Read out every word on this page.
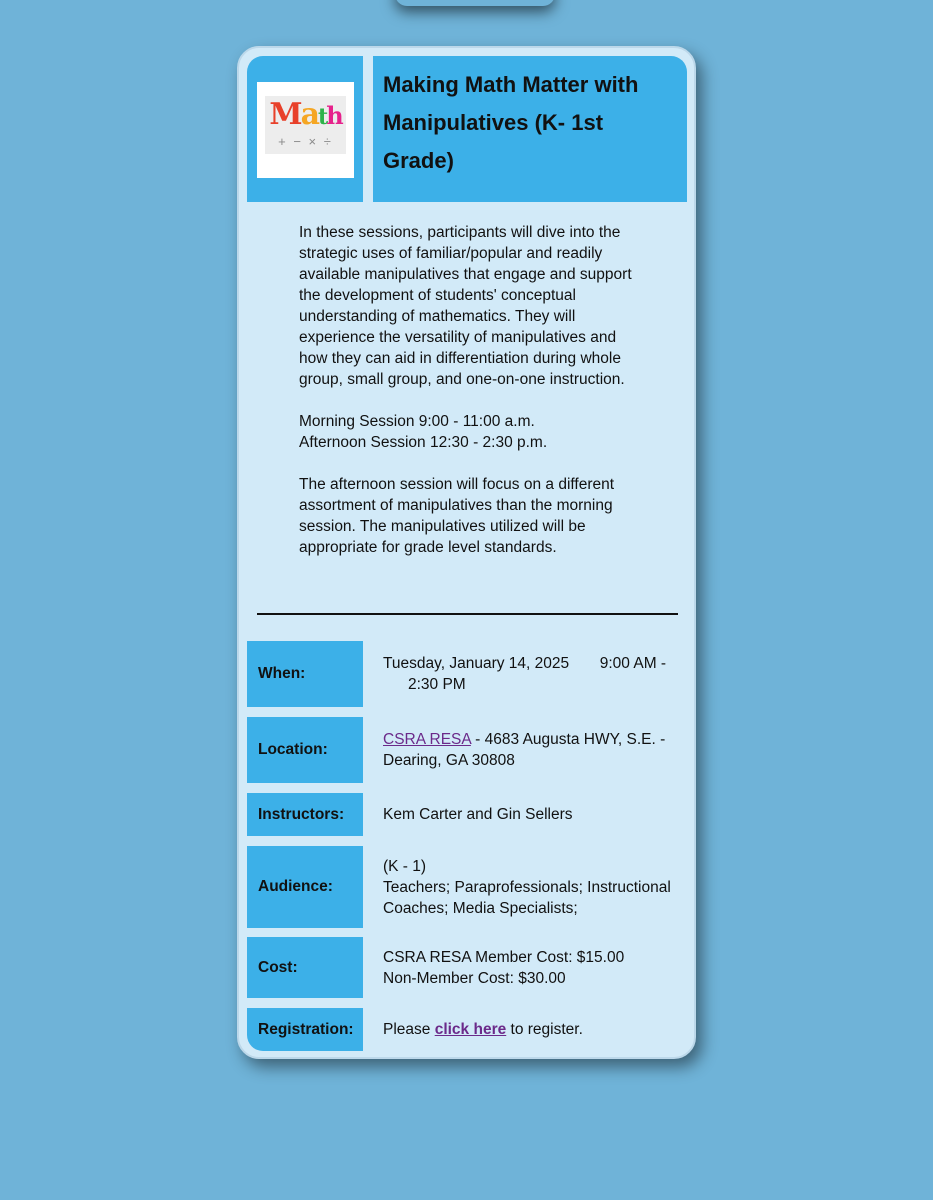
Math
+ − × ÷
Making Math Matter with Manipulatives (K- 1st Grade)

In these sessions, participants will dive into the strategic uses of familiar/popular and readily available manipulatives that engage and support the development of students' conceptual understanding of mathematics. They will experience the versatility of manipulatives and how they can aid in differentiation during whole group, small group, and one-on-one instruction.

Morning Session 9:00 - 11:00 a.m.
Afternoon Session 12:30 - 2:30 p.m.

The afternoon session will focus on a different assortment of manipulatives than the morning session. The manipulatives utilized will be appropriate for grade level standards.

When:
Tuesday, January 14, 2025 9:00 AM -
2:30 PM
Location:
CSRA RESA - 4683 Augusta HWY, S.E. - Dearing, GA 30808
Instructors:	Kem Carter and Gin Sellers
Audience:
(K - 1)
Teachers; Paraprofessionals; Instructional Coaches; Media Specialists;
Cost:
CSRA RESA Member Cost: $15.00
Non-Member Cost: $30.00
Registration:	Please click here to register.
